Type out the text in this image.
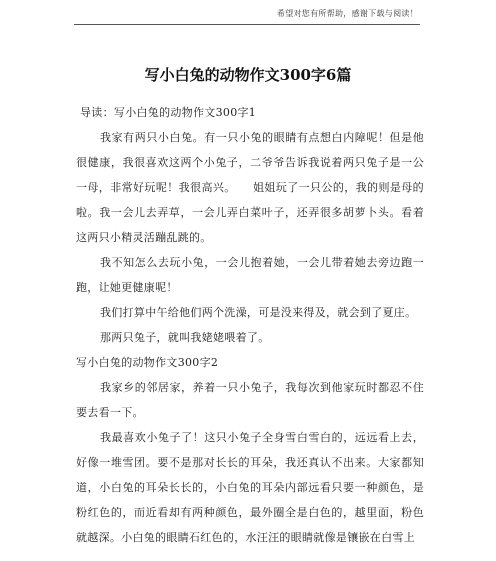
希望对您有所帮助，感谢下载与阅读！
写小白兔的动物作文300字6篇

导读：写小白兔的动物作文300字1

我家有两只小白兔。有一只小兔的眼睛有点想白内障呢！但是他很健康，我很喜欢这两个小兔子，二爷爷告诉我说着两只兔子是一公一母，非常好玩呢！我很高兴。　　姐姐玩了一只公的，我的则是母的啦。我一会儿去弄草，一会儿弄白菜叶子，还弄很多胡萝卜头。看着这两只小精灵活蹦乱跳的。

我不知怎么去玩小兔，一会儿抱着她，一会儿带着她去旁边跑一跑，让她更健康呢！

我们打算中午给他们两个洗澡，可是没来得及，就会到了夏庄。

那两只兔子，就叫我姥姥喂着了。

写小白兔的动物作文300字2

我家乡的邻居家，养着一只小兔子，我每次到他家玩时都忍不住要去看一下。

我最喜欢小兔子了！这只小兔子全身雪白雪白的，远远看上去，好像一堆雪团。要不是那对长长的耳朵，我还真认不出来。大家都知道，小白兔的耳朵长长的，小白兔的耳朵内部远看只要一种颜色，是粉红色的，而近看却有两种颜色，最外圈全是白色的，越里面，粉色就越深。小白兔的眼睛石红色的，水汪汪的眼睛就像是镶嵌在白雪上
